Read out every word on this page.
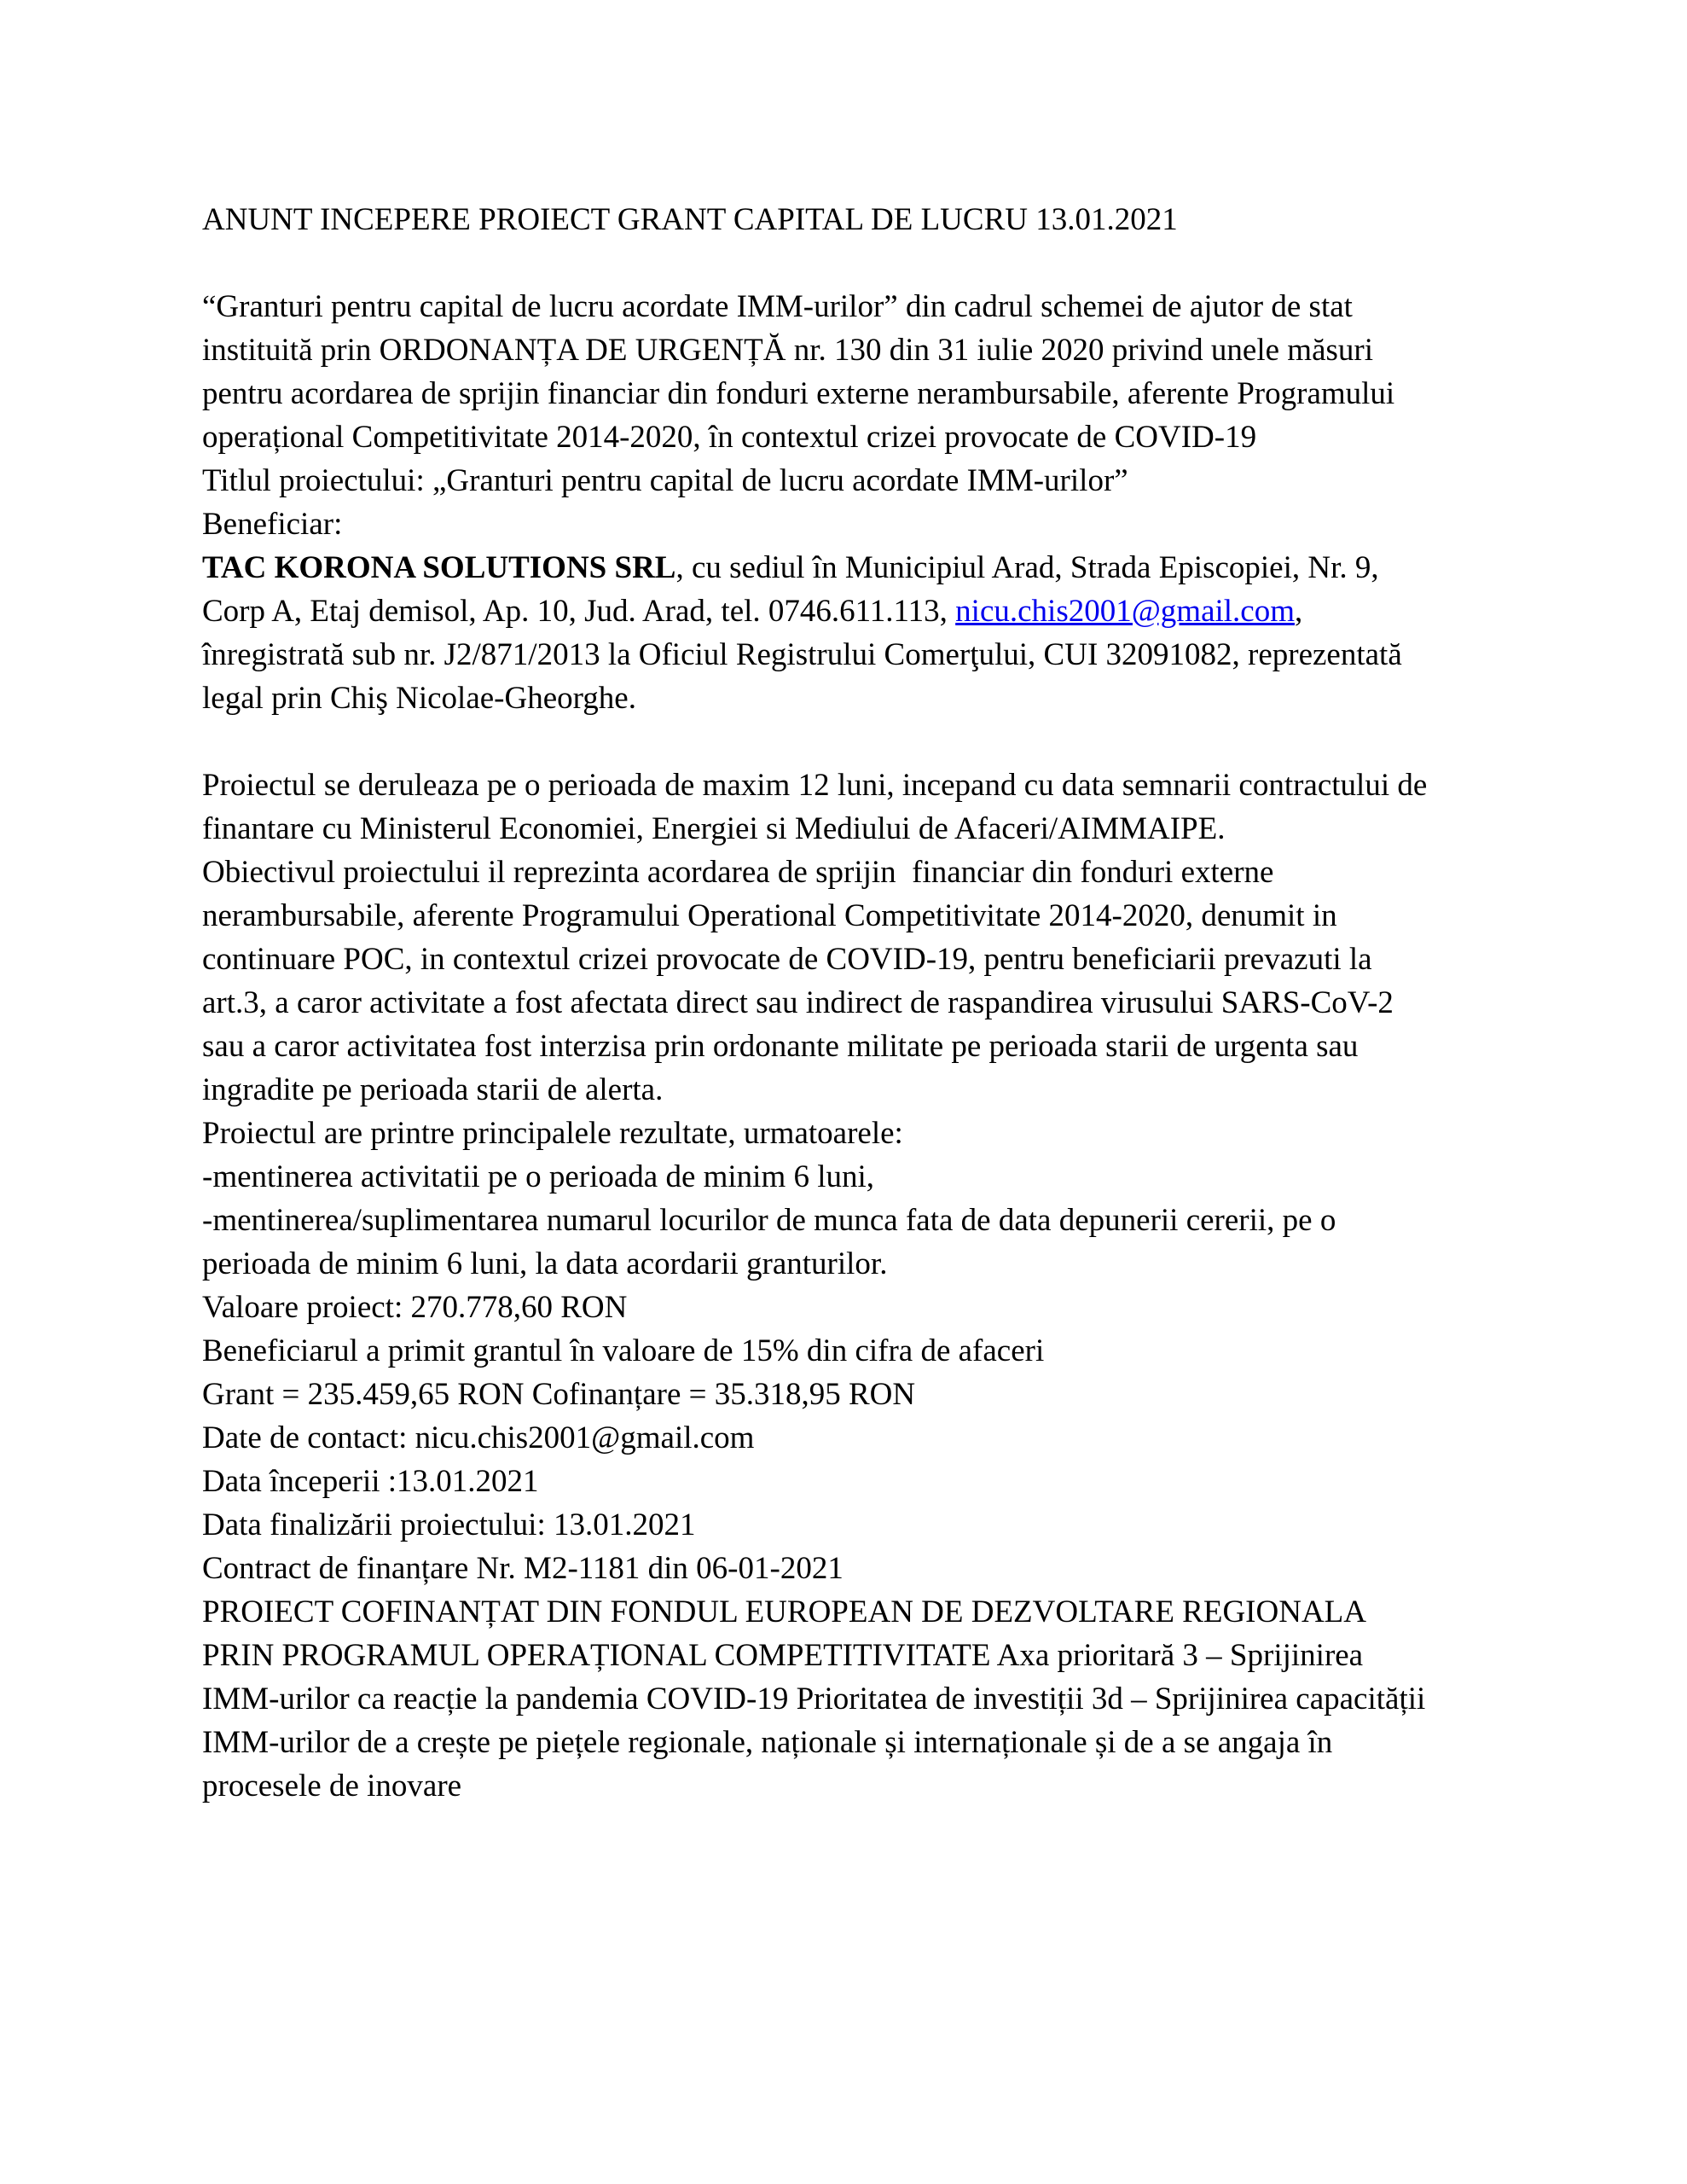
ANUNT INCEPERE PROIECT GRANT CAPITAL DE LUCRU 13.01.2021
“Granturi pentru capital de lucru acordate IMM-urilor” din cadrul schemei de ajutor de stat
instituită prin ORDONANȚA DE URGENȚĂ nr. 130 din 31 iulie 2020 privind unele măsuri
pentru acordarea de sprijin financiar din fonduri externe nerambursabile, aferente Programului
operațional Competitivitate 2014-2020, în contextul crizei provocate de COVID-19
Titlul proiectului: „Granturi pentru capital de lucru acordate IMM-urilor”
Beneficiar:
TAC KORONA SOLUTIONS SRL, cu sediul în Municipiul Arad, Strada Episcopiei, Nr. 9,
Corp A, Etaj demisol, Ap. 10, Jud. Arad, tel. 0746.611.113, nicu.chis2001@gmail.com,
înregistrată sub nr. J2/871/2013 la Oficiul Registrului Comerţului, CUI 32091082, reprezentată
legal prin Chiş Nicolae-Gheorghe.
Proiectul se deruleaza pe o perioada de maxim 12 luni, incepand cu data semnarii contractului de
finantare cu Ministerul Economiei, Energiei si Mediului de Afaceri/AIMMAIPE.
Obiectivul proiectului il reprezinta acordarea de sprijin  financiar din fonduri externe
nerambursabile, aferente Programului Operational Competitivitate 2014-2020, denumit in
continuare POC, in contextul crizei provocate de COVID-19, pentru beneficiarii prevazuti la
art.3, a caror activitate a fost afectata direct sau indirect de raspandirea virusului SARS-CoV-2
sau a caror activitatea fost interzisa prin ordonante militate pe perioada starii de urgenta sau
ingradite pe perioada starii de alerta.
Proiectul are printre principalele rezultate, urmatoarele:
-mentinerea activitatii pe o perioada de minim 6 luni,
-mentinerea/suplimentarea numarul locurilor de munca fata de data depunerii cererii, pe o
perioada de minim 6 luni, la data acordarii granturilor.
Valoare proiect: 270.778,60 RON
Beneficiarul a primit grantul în valoare de 15% din cifra de afaceri
Grant = 235.459,65 RON Cofinanțare = 35.318,95 RON
Date de contact: nicu.chis2001@gmail.com
Data începerii :13.01.2021
Data finalizării proiectului: 13.01.2021
Contract de finanțare Nr. M2-1181 din 06-01-2021
PROIECT COFINANȚAT DIN FONDUL EUROPEAN DE DEZVOLTARE REGIONALA
PRIN PROGRAMUL OPERAȚIONAL COMPETITIVITATE Axa prioritară 3 – Sprijinirea
IMM-urilor ca reacție la pandemia COVID-19 Prioritatea de investiții 3d – Sprijinirea capacității
IMM-urilor de a crește pe piețele regionale, naționale și internaționale și de a se angaja în
procesele de inovare
